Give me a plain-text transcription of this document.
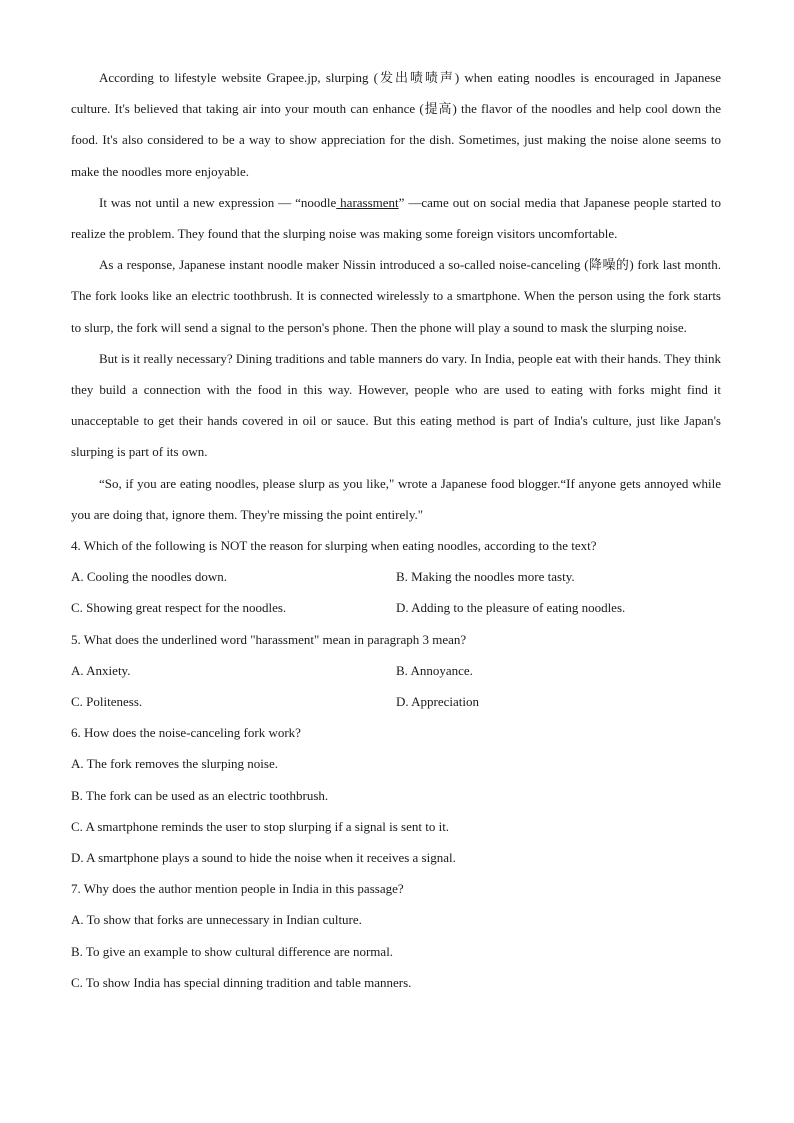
According to lifestyle website Grapee.jp, slurping (发出啧啧声) when eating noodles is encouraged in Japanese culture. It's believed that taking air into your mouth can enhance (提高) the flavor of the noodles and help cool down the food. It's also considered to be a way to show appreciation for the dish. Sometimes, just making the noise alone seems to make the noodles more enjoyable.

It was not until a new expression — “noodle harassment” —came out on social media that Japanese people started to realize the problem. They found that the slurping noise was making some foreign visitors uncomfortable.

As a response, Japanese instant noodle maker Nissin introduced a so-called noise-canceling (降噪的) fork last month. The fork looks like an electric toothbrush. It is connected wirelessly to a smartphone. When the person using the fork starts to slurp, the fork will send a signal to the person's phone. Then the phone will play a sound to mask the slurping noise.

But is it really necessary? Dining traditions and table manners do vary. In India, people eat with their hands. They think they build a connection with the food in this way. However, people who are used to eating with forks might find it unacceptable to get their hands covered in oil or sauce. But this eating method is part of India's culture, just like Japan's slurping is part of its own.

“So, if you are eating noodles, please slurp as you like," wrote a Japanese food blogger.“If anyone gets annoyed while you are doing that, ignore them. They're missing the point entirely."

4. Which of the following is NOT the reason for slurping when eating noodles, according to the text?

A. Cooling the noodles down.	B. Making the noodles more tasty.
C. Showing great respect for the noodles.	D. Adding to the pleasure of eating noodles.

5. What does the underlined word "harassment" mean in paragraph 3 mean?

A. Anxiety.	B. Annoyance.
C. Politeness.	D. Appreciation

6. How does the noise-canceling fork work?

A. The fork removes the slurping noise.
B. The fork can be used as an electric toothbrush.
C. A smartphone reminds the user to stop slurping if a signal is sent to it.
D. A smartphone plays a sound to hide the noise when it receives a signal.

7. Why does the author mention people in India in this passage?

A. To show that forks are unnecessary in Indian culture.
B. To give an example to show cultural difference are normal.
C. To show India has special dinning tradition and table manners.
